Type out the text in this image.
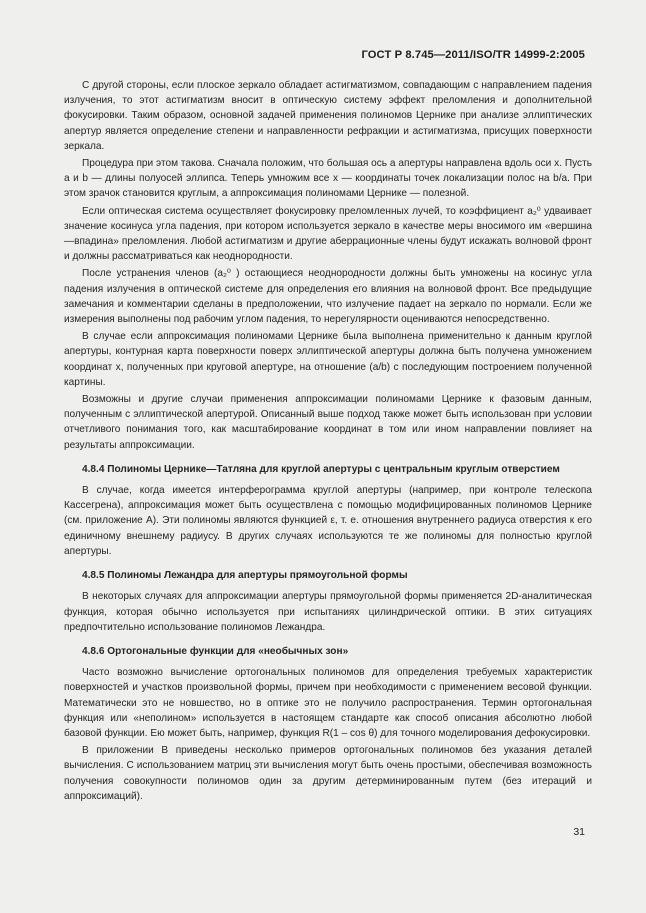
ГОСТ Р 8.745—2011/ISO/TR 14999-2:2005

С другой стороны, если плоское зеркало обладает астигматизмом, совпадающим с направлением падения излучения, то этот астигматизм вносит в оптическую систему эффект преломления и дополнительной фокусировки. Таким образом, основной задачей применения полиномов Цернике при анализе эллиптических апертур является определение степени и направленности рефракции и астигматизма, присущих поверхности зеркала.

Процедура при этом такова. Сначала положим, что большая ось a апертуры направлена вдоль оси x. Пусть a и b — длины полуосей эллипса. Теперь умножим все x — координаты точек локализации полос на b/a. При этом зрачок становится круглым, а аппроксимация полиномами Цернике — полезной.

Если оптическая система осуществляет фокусировку преломленных лучей, то коэффициент a₂⁰ удваивает значение косинуса угла падения, при котором используется зеркало в качестве меры вносимого им «вершина—впадина» преломления. Любой астигматизм и другие аберрационные члены будут искажать волновой фронт и должны рассматриваться как неоднородности.

После устранения членов (a₂⁰ ) остающиеся неоднородности должны быть умножены на косинус угла падения излучения в оптической системе для определения его влияния на волновой фронт. Все предыдущие замечания и комментарии сделаны в предположении, что излучение падает на зеркало по нормали. Если же измерения выполнены под рабочим углом падения, то нерегулярности оцениваются непосредственно.

В случае если аппроксимация полиномами Цернике была выполнена применительно к данным круглой апертуры, контурная карта поверхности поверх эллиптической апертуры должна быть получена умножением координат x, полученных при круговой апертуре, на отношение (a/b) с последующим построением полученной картины.

Возможны и другие случаи применения аппроксимации полиномами Цернике к фазовым данным, полученным с эллиптической апертурой. Описанный выше подход также может быть использован при условии отчетливого понимания того, как масштабирование координат в том или ином направлении повлияет на результаты аппроксимации.

4.8.4 Полиномы Цернике—Татляна для круглой апертуры с центральным круглым отверстием

В случае, когда имеется интерферограмма круглой апертуры (например, при контроле телескопа Кассегрена), аппроксимация может быть осуществлена с помощью модифицированных полиномов Цернике (см. приложение А). Эти полиномы являются функцией ε, т. е. отношения внутреннего радиуса отверстия к его единичному внешнему радиусу. В других случаях используются те же полиномы для полностью круглой апертуры.

4.8.5 Полиномы Лежандра для апертуры прямоугольной формы

В некоторых случаях для аппроксимации апертуры прямоугольной формы применяется 2D-аналитическая функция, которая обычно используется при испытаниях цилиндрической оптики. В этих ситуациях предпочтительно использование полиномов Лежандра.

4.8.6 Ортогональные функции для «необычных зон»

Часто возможно вычисление ортогональных полиномов для определения требуемых характеристик поверхностей и участков произвольной формы, причем при необходимости с применением весовой функции. Математически это не новшество, но в оптике это не получило распространения. Термин ортогональная функция или «неполином» используется в настоящем стандарте как способ описания абсолютно любой базовой функции. Ею может быть, например, функция R(1 – cos θ) для точного моделирования дефокусировки.

В приложении В приведены несколько примеров ортогональных полиномов без указания деталей вычисления. С использованием матриц эти вычисления могут быть очень простыми, обеспечивая возможность получения совокупности полиномов один за другим детерминированным путем (без итераций и аппроксимаций).

31
